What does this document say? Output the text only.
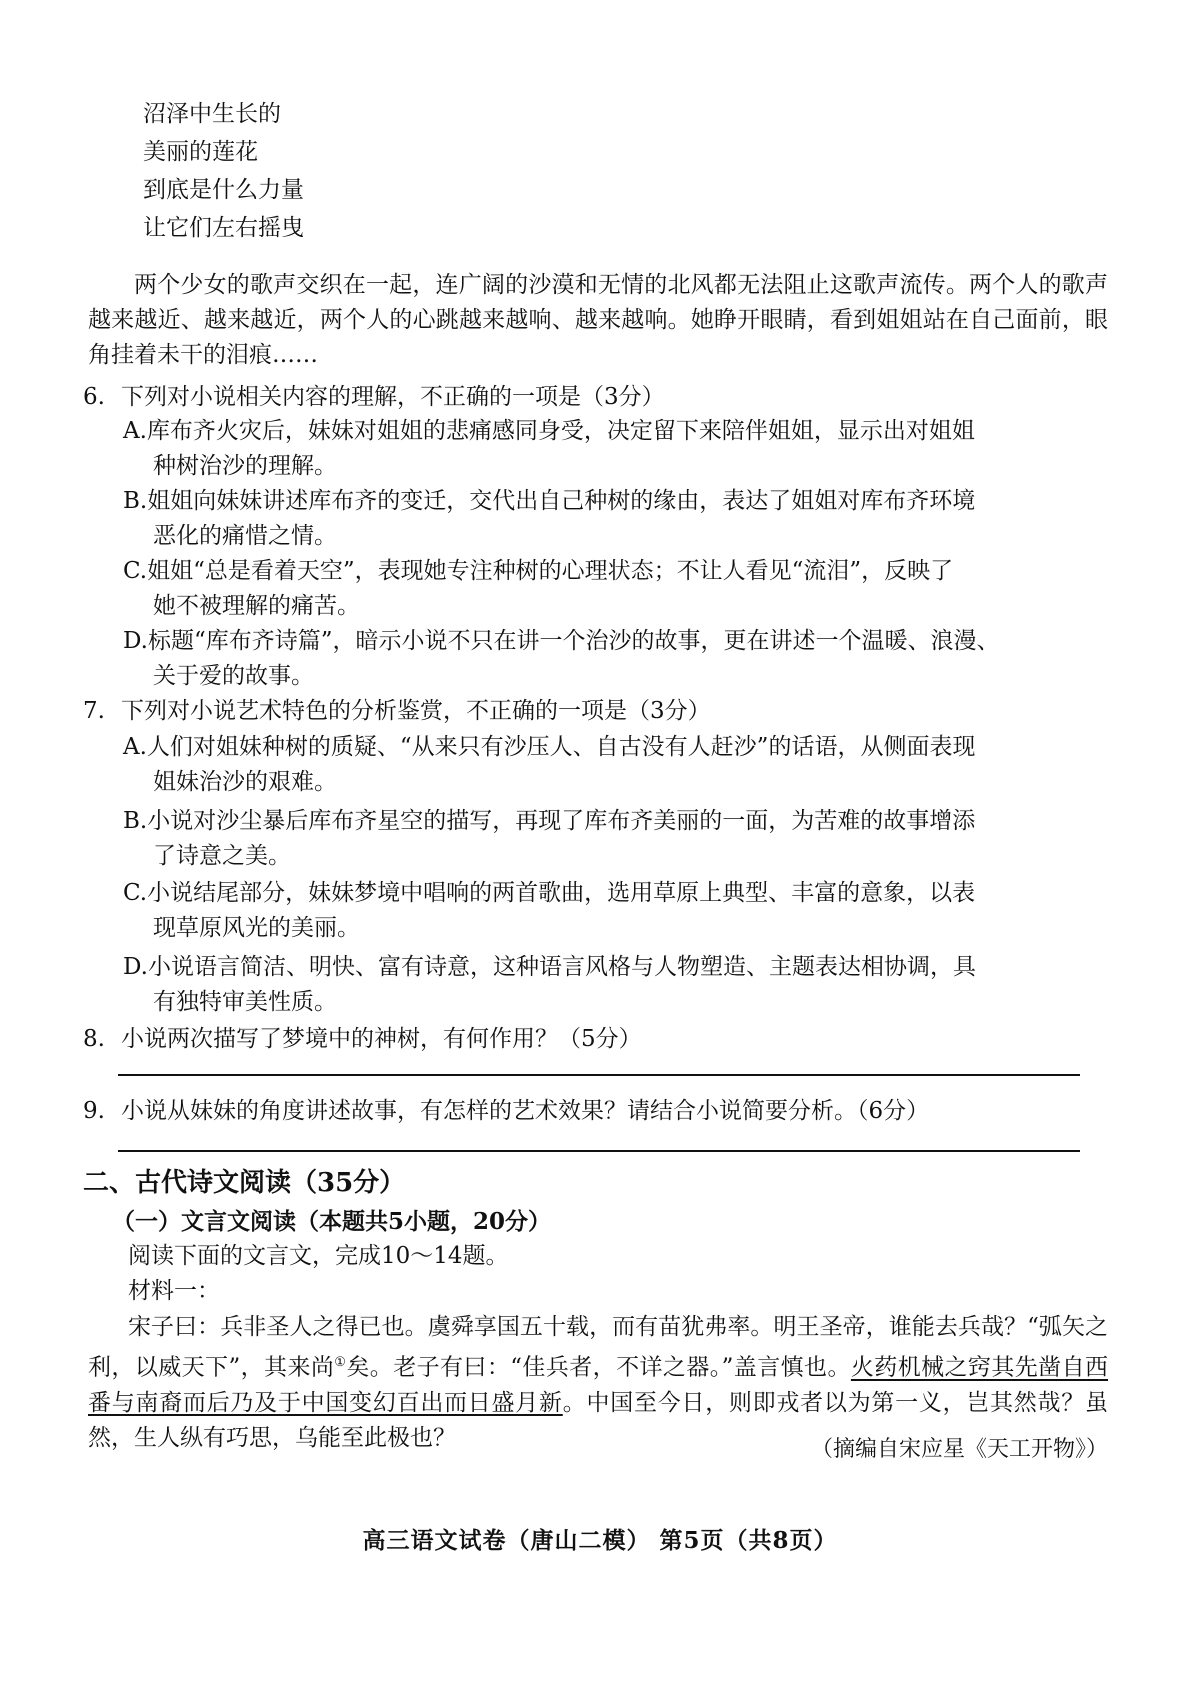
沼泽中生长的
美丽的莲花
到底是什么力量
让它们左右摇曳
两个少女的歌声交织在一起，连广阔的沙漠和无情的北风都无法阻止这歌声流传。两个人的歌声越来越近、越来越近，两个人的心跳越来越响、越来越响。她睁开眼睛，看到姐姐站在自己面前，眼角挂着未干的泪痕……
6. 下列对小说相关内容的理解，不正确的一项是（3分）
A.库布齐火灾后，妹妹对姐姐的悲痛感同身受，决定留下来陪伴姐姐，显示出对姐姐
种树治沙的理解。
B.姐姐向妹妹讲述库布齐的变迁，交代出自己种树的缘由，表达了姐姐对库布齐环境
恶化的痛惜之情。
C.姐姐“总是看着天空”，表现她专注种树的心理状态；不让人看见“流泪”，反映了
她不被理解的痛苦。
D.标题“库布齐诗篇”，暗示小说不只在讲一个治沙的故事，更在讲述一个温暖、浪漫、
关于爱的故事。
7. 下列对小说艺术特色的分析鉴赏，不正确的一项是（3分）
A.人们对姐妹种树的质疑、“从来只有沙压人、自古没有人赶沙”的话语，从侧面表现
姐妹治沙的艰难。
B.小说对沙尘暴后库布齐星空的描写，再现了库布齐美丽的一面，为苦难的故事增添
了诗意之美。
C.小说结尾部分，妹妹梦境中唱响的两首歌曲，选用草原上典型、丰富的意象，以表
现草原风光的美丽。
D.小说语言简洁、明快、富有诗意，这种语言风格与人物塑造、主题表达相协调，具
有独特审美性质。
8. 小说两次描写了梦境中的神树，有何作用？（5分）
9. 小说从妹妹的角度讲述故事，有怎样的艺术效果？请结合小说简要分析。（6分）
二、古代诗文阅读（35分）
（一）文言文阅读（本题共5小题，20分）
阅读下面的文言文，完成10～14题。
材料一：
宋子曰：兵非圣人之得已也。虞舜享国五十载，而有苗犹弗率。明王圣帝，谁能去兵哉？“弧矢之利，以威天下”，其来尚①矣。老子有曰：“佳兵者，不详之器。”盖言慎也。火药机械之窍其先凿自西番与南裔而后乃及于中国变幻百出而日盛月新。中国至今日，则即戎者以为第一义，岂其然哉？虽然，生人纵有巧思，乌能至此极也？	（摘编自宋应星《天工开物》）
高三语文试卷（唐山二模） 第5页（共8页）
